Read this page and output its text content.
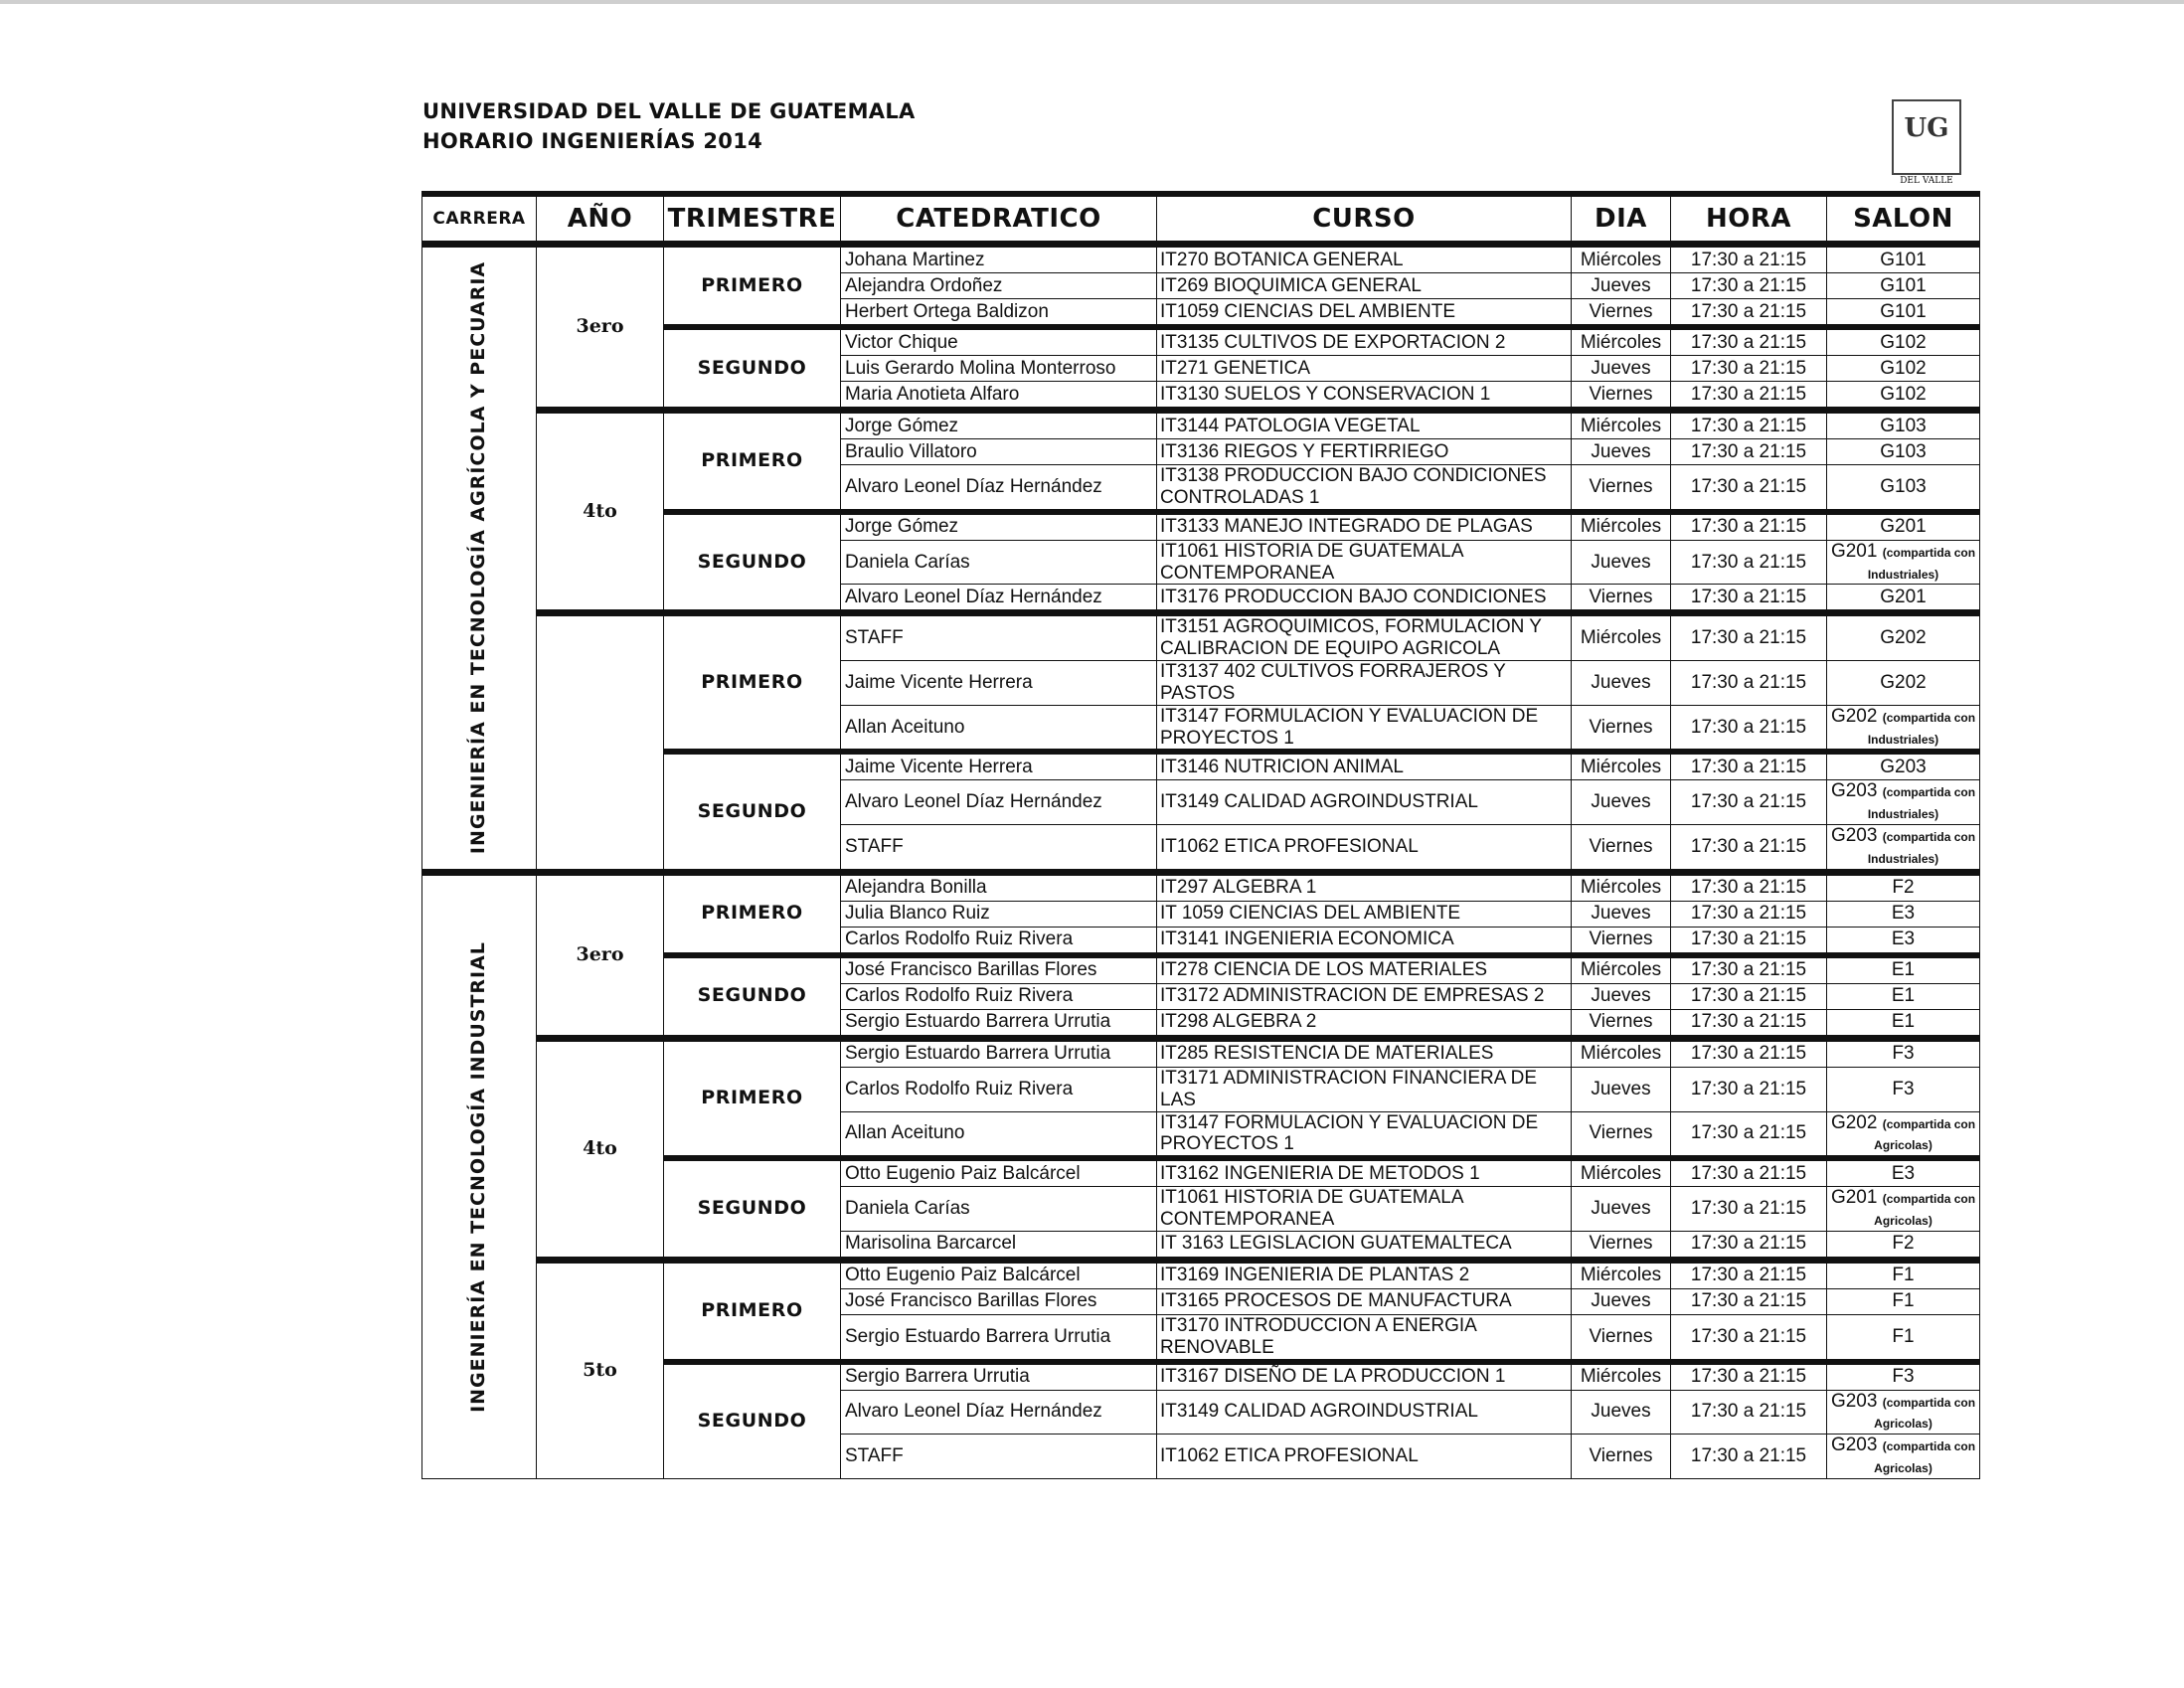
UNIVERSIDAD DEL VALLE DE GUATEMALA
HORARIO INGENIERÍAS 2014	UG
DEL VALLE
CARRERA	AÑO	TRIMESTRE	CATEDRATICO	CURSO	DIA	HORA	SALON

INGENIERÍA EN TECNOLOGÍA AGRÍCOLA Y PECUARIA	3ero	PRIMERO	Johana Martinez	IT270 BOTANICA GENERAL	Miércoles	17:30 a 21:15	G101
			Alejandra Ordoñez	IT269 BIOQUIMICA GENERAL	Jueves	17:30 a 21:15	G101
			Herbert Ortega Baldizon	IT1059 CIENCIAS DEL AMBIENTE	Viernes	17:30 a 21:15	G101
		SEGUNDO	Victor Chique	IT3135 CULTIVOS DE EXPORTACION 2	Miércoles	17:30 a 21:15	G102
			Luis Gerardo Molina Monterroso	IT271 GENETICA	Jueves	17:30 a 21:15	G102
			Maria Anotieta Alfaro	IT3130 SUELOS Y CONSERVACION 1	Viernes	17:30 a 21:15	G102
	4to	PRIMERO	Jorge Gómez	IT3144 PATOLOGIA VEGETAL	Miércoles	17:30 a 21:15	G103
			Braulio Villatoro	IT3136 RIEGOS Y FERTIRRIEGO	Jueves	17:30 a 21:15	G103
			Alvaro Leonel Díaz Hernández	IT3138 PRODUCCION BAJO CONDICIONES CONTROLADAS 1	Viernes	17:30 a 21:15	G103
		SEGUNDO	Jorge Gómez	IT3133 MANEJO INTEGRADO DE PLAGAS	Miércoles	17:30 a 21:15	G201
			Daniela Carías	IT1061 HISTORIA DE GUATEMALA CONTEMPORANEA	Jueves	17:30 a 21:15	G201 (compartida con Industriales)
			Alvaro Leonel Díaz Hernández	IT3176 PRODUCCION BAJO CONDICIONES	Viernes	17:30 a 21:15	G201
		PRIMERO	STAFF	IT3151 AGROQUIMICOS, FORMULACION Y CALIBRACION DE EQUIPO AGRICOLA	Miércoles	17:30 a 21:15	G202
			Jaime Vicente Herrera	IT3137 402 CULTIVOS FORRAJEROS Y PASTOS	Jueves	17:30 a 21:15	G202
			Allan Aceituno	IT3147 FORMULACION Y EVALUACION DE PROYECTOS 1	Viernes	17:30 a 21:15	G202 (compartida con Industriales)
		SEGUNDO	Jaime Vicente Herrera	IT3146 NUTRICION ANIMAL	Miércoles	17:30 a 21:15	G203
			Alvaro Leonel Díaz Hernández	IT3149 CALIDAD AGROINDUSTRIAL	Jueves	17:30 a 21:15	G203 (compartida con Industriales)
			STAFF	IT1062 ETICA PROFESIONAL	Viernes	17:30 a 21:15	G203 (compartida con Industriales)

INGENIERÍA EN TECNOLOGÍA INDUSTRIAL	3ero	PRIMERO	Alejandra Bonilla	IT297 ALGEBRA 1	Miércoles	17:30 a 21:15	F2
			Julia Blanco Ruiz	IT 1059 CIENCIAS DEL AMBIENTE	Jueves	17:30 a 21:15	E3
			Carlos Rodolfo Ruiz Rivera	IT3141 INGENIERIA ECONOMICA	Viernes	17:30 a 21:15	E3
		SEGUNDO	José Francisco Barillas Flores	IT278 CIENCIA DE LOS MATERIALES	Miércoles	17:30 a 21:15	E1
			Carlos Rodolfo Ruiz Rivera	IT3172 ADMINISTRACION DE EMPRESAS 2	Jueves	17:30 a 21:15	E1
			Sergio Estuardo Barrera Urrutia	IT298 ALGEBRA 2	Viernes	17:30 a 21:15	E1
	4to	PRIMERO	Sergio Estuardo Barrera Urrutia	IT285 RESISTENCIA DE MATERIALES	Miércoles	17:30 a 21:15	F3
			Carlos Rodolfo Ruiz Rivera	IT3171 ADMINISTRACION FINANCIERA DE LAS	Jueves	17:30 a 21:15	F3
			Allan Aceituno	IT3147 FORMULACION Y EVALUACION DE PROYECTOS 1	Viernes	17:30 a 21:15	G202 (compartida con Agricolas)
		SEGUNDO	Otto Eugenio Paiz Balcárcel	IT3162 INGENIERIA DE METODOS 1	Miércoles	17:30 a 21:15	E3
			Daniela Carías	IT1061 HISTORIA DE GUATEMALA CONTEMPORANEA	Jueves	17:30 a 21:15	G201 (compartida con Agricolas)
			Marisolina Barcarcel	IT 3163 LEGISLACION GUATEMALTECA	Viernes	17:30 a 21:15	F2
	5to	PRIMERO	Otto Eugenio Paiz Balcárcel	IT3169 INGENIERIA DE PLANTAS 2	Miércoles	17:30 a 21:15	F1
			José Francisco Barillas Flores	IT3165 PROCESOS DE MANUFACTURA	Jueves	17:30 a 21:15	F1
			Sergio Estuardo Barrera Urrutia	IT3170 INTRODUCCION A ENERGIA RENOVABLE	Viernes	17:30 a 21:15	F1
		SEGUNDO	Sergio Barrera Urrutia	IT3167 DISEÑO DE LA PRODUCCION 1	Miércoles	17:30 a 21:15	F3
			Alvaro Leonel Díaz Hernández	IT3149 CALIDAD AGROINDUSTRIAL	Jueves	17:30 a 21:15	G203 (compartida con Agricolas)
			STAFF	IT1062 ETICA PROFESIONAL	Viernes	17:30 a 21:15	G203 (compartida con Agricolas)
